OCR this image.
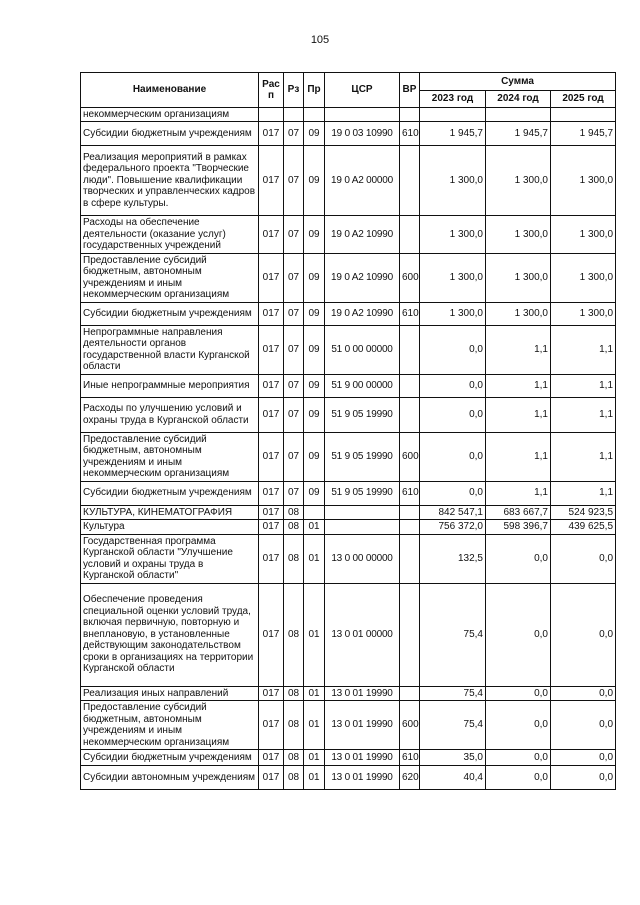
105
Наименование	Рас п	Рз	Пр	ЦСР	ВР	Сумма		
						2023 год	2024 год	2025 год
некоммерческим организациям								
Субсидии бюджетным учреждениям	017	07	09	19 0 03 10990	610	1 945,7	1 945,7	1 945,7
Реализация мероприятий в рамках федерального проекта "Творческие люди". Повышение квалификации творческих и управленческих кадров в сфере культуры.	017	07	09	19 0 A2 00000		1 300,0	1 300,0	1 300,0
Расходы на обеспечение деятельности (оказание услуг) государственных учреждений	017	07	09	19 0 A2 10990		1 300,0	1 300,0	1 300,0
Предоставление субсидий бюджетным, автономным учреждениям и иным некоммерческим организациям	017	07	09	19 0 A2 10990	600	1 300,0	1 300,0	1 300,0
Субсидии бюджетным учреждениям	017	07	09	19 0 A2 10990	610	1 300,0	1 300,0	1 300,0
Непрограммные направления деятельности органов государственной власти Курганской области	017	07	09	51 0 00 00000		0,0	1,1	1,1
Иные непрограммные мероприятия	017	07	09	51 9 00 00000		0,0	1,1	1,1
Расходы по улучшению условий и охраны труда в Курганской области	017	07	09	51 9 05 19990		0,0	1,1	1,1
Предоставление субсидий бюджетным, автономным учреждениям и иным некоммерческим организациям	017	07	09	51 9 05 19990	600	0,0	1,1	1,1
Субсидии бюджетным учреждениям	017	07	09	51 9 05 19990	610	0,0	1,1	1,1
КУЛЬТУРА, КИНЕМАТОГРАФИЯ	017	08				842 547,1	683 667,7	524 923,5
Культура	017	08	01			756 372,0	598 396,7	439 625,5
Государственная программа Курганской области "Улучшение условий и охраны труда в Курганской области"	017	08	01	13 0 00 00000		132,5	0,0	0,0
Обеспечение проведения специальной оценки условий труда, включая первичную, повторную и внеплановую, в установленные действующим законодательством сроки в организациях на территории Курганской области	017	08	01	13 0 01 00000		75,4	0,0	0,0
Реализация иных направлений	017	08	01	13 0 01 19990		75,4	0,0	0,0
Предоставление субсидий бюджетным, автономным учреждениям и иным некоммерческим организациям	017	08	01	13 0 01 19990	600	75,4	0,0	0,0
Субсидии бюджетным учреждениям	017	08	01	13 0 01 19990	610	35,0	0,0	0,0
Субсидии автономным учреждениям	017	08	01	13 0 01 19990	620	40,4	0,0	0,0
